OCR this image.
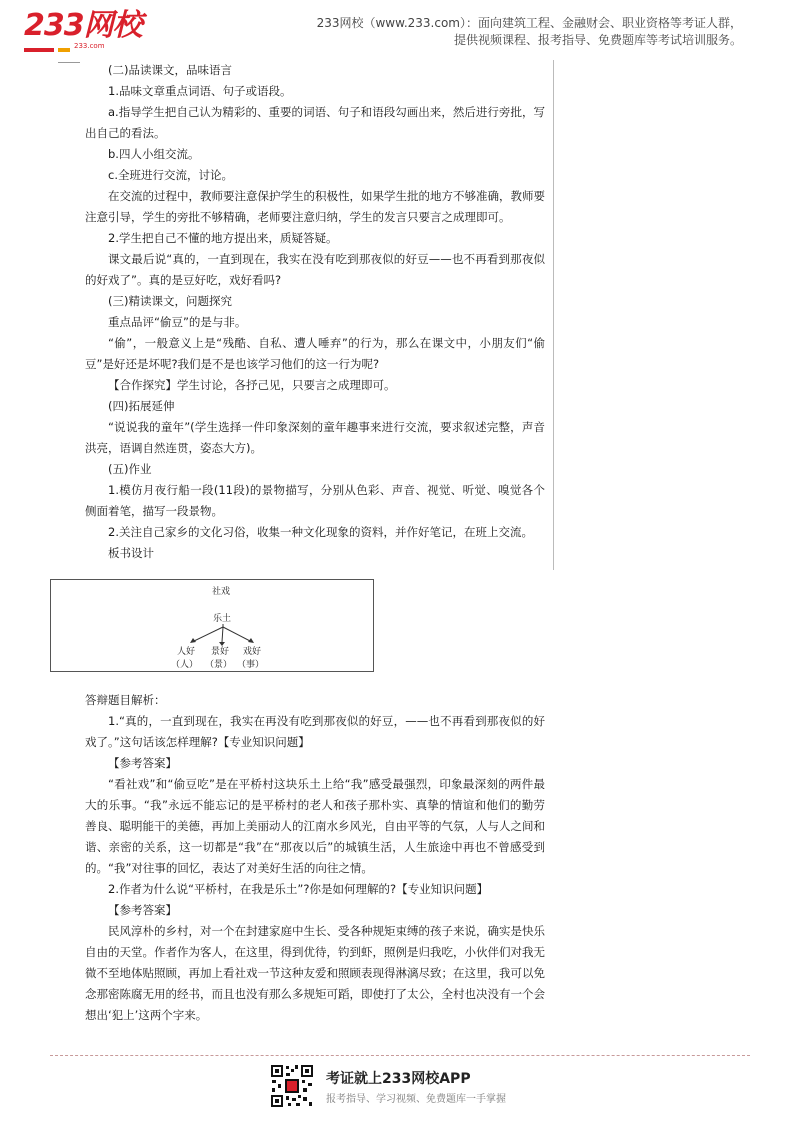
233网校
233.com
233网校（www.233.com）：面向建筑工程、金融财会、职业资格等考证人群，
提供视频课程、报考指导、免费题库等考试培训服务。

(二)品读课文，品味语言

1.品味文章重点词语、句子或语段。

a.指导学生把自己认为精彩的、重要的词语、句子和语段勾画出来，然后进行旁批，写出自己的看法。

b.四人小组交流。

c.全班进行交流，讨论。

在交流的过程中，教师要注意保护学生的积极性，如果学生批的地方不够准确，教师要注意引导，学生的旁批不够精确，老师要注意归纳，学生的发言只要言之成理即可。

2.学生把自己不懂的地方提出来，质疑答疑。

课文最后说“真的，一直到现在，我实在没有吃到那夜似的好豆——也不再看到那夜似的好戏了”。真的是豆好吃，戏好看吗?

(三)精读课文，问题探究

重点品评“偷豆”的是与非。

“偷”，一般意义上是“残酷、自私、遭人唾弃”的行为，那么在课文中，小朋友们“偷豆”是好还是坏呢?我们是不是也该学习他们的这一行为呢?

【合作探究】学生讨论，各抒己见，只要言之成理即可。

(四)拓展延伸

“说说我的童年”(学生选择一件印象深刻的童年趣事来进行交流，要求叙述完整，声音洪亮，语调自然连贯，姿态大方)。

(五)作业

1.模仿月夜行船一段(11段)的景物描写，分别从色彩、声音、视觉、听觉、嗅觉各个侧面着笔，描写一段景物。

2.关注自己家乡的文化习俗，收集一种文化现象的资料，并作好笔记，在班上交流。

板书设计

社戏
乐土
人好 景好 戏好
（人） （景） （事）

答辩题目解析：

1.“真的，一直到现在，我实在再没有吃到那夜似的好豆，——也不再看到那夜似的好戏了。”这句话该怎样理解?【专业知识问题】

【参考答案】

“看社戏”和“偷豆吃”是在平桥村这块乐土上给“我”感受最强烈，印象最深刻的两件最大的乐事。“我”永远不能忘记的是平桥村的老人和孩子那朴实、真挚的情谊和他们的勤劳善良、聪明能干的美德，再加上美丽动人的江南水乡风光，自由平等的气氛，人与人之间和谐、亲密的关系，这一切都是“我”在“那夜以后”的城镇生活，人生旅途中再也不曾感受到的。“我”对往事的回忆，表达了对美好生活的向往之情。

2.作者为什么说“平桥村，在我是乐土”?你是如何理解的?【专业知识问题】

【参考答案】

民风淳朴的乡村，对一个在封建家庭中生长、受各种规矩束缚的孩子来说，确实是快乐自由的天堂。作者作为客人，在这里，得到优待，钓到虾，照例是归我吃，小伙伴们对我无微不至地体贴照顾，再加上看社戏一节这种友爱和照顾表现得淋漓尽致；在这里，我可以免念那密陈腐无用的经书，而且也没有那么多规矩可蹈，即使打了太公，全村也决没有一个会想出‘犯上’这两个字来。

考证就上233网校APP
报考指导、学习视频、免费题库一手掌握
